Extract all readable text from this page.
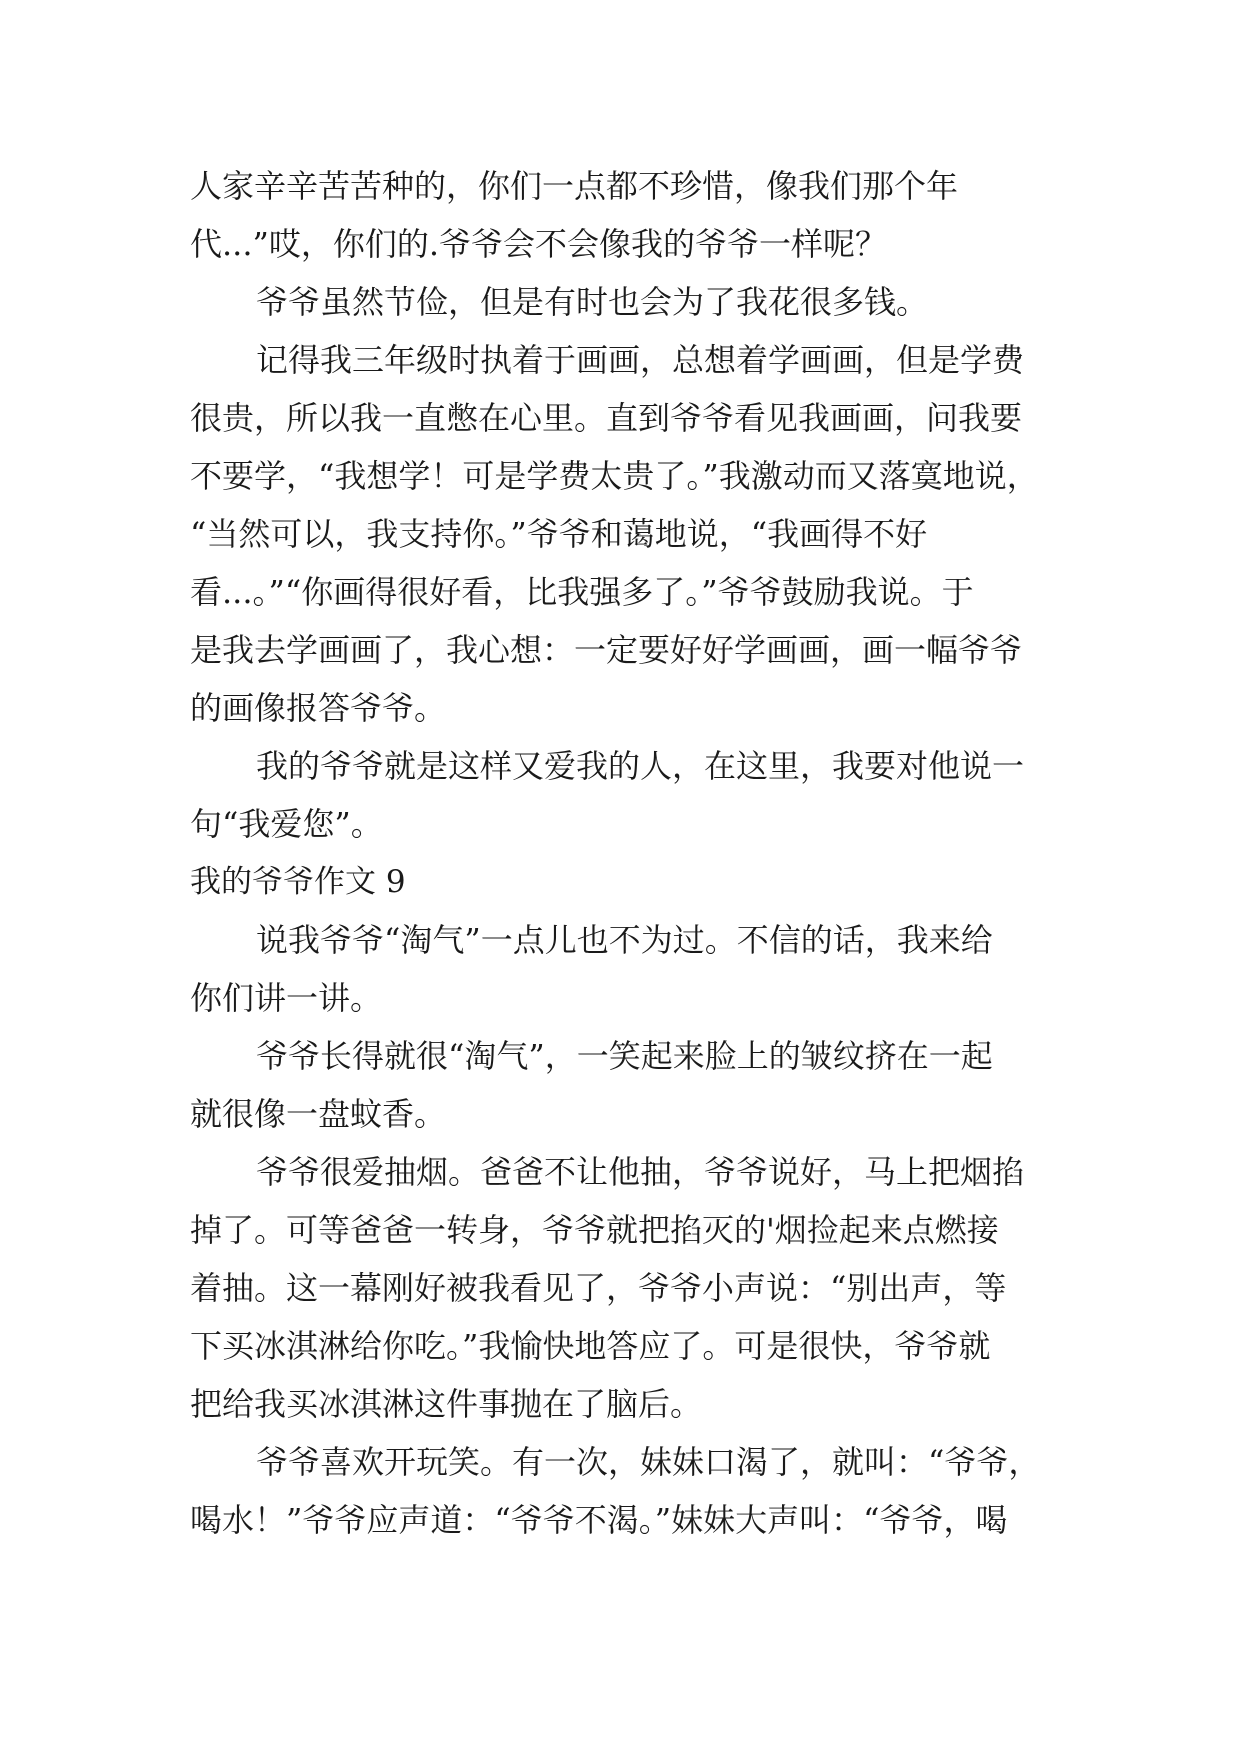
人家辛辛苦苦种的，你们一点都不珍惜，像我们那个年
代...”哎，你们的.爷爷会不会像我的爷爷一样呢？
爷爷虽然节俭，但是有时也会为了我花很多钱。
记得我三年级时执着于画画，总想着学画画，但是学费
很贵，所以我一直憋在心里。直到爷爷看见我画画，问我要
不要学，“我想学！可是学费太贵了。”我激动而又落寞地说，
“当然可以，我支持你。”爷爷和蔼地说，“我画得不好
看...。”“你画得很好看，比我强多了。”爷爷鼓励我说。于
是我去学画画了，我心想：一定要好好学画画，画一幅爷爷
的画像报答爷爷。
我的爷爷就是这样又爱我的人，在这里，我要对他说一
句“我爱您”。
我的爷爷作文 9
说我爷爷“淘气”一点儿也不为过。不信的话，我来给
你们讲一讲。
爷爷长得就很“淘气”，一笑起来脸上的皱纹挤在一起
就很像一盘蚊香。
爷爷很爱抽烟。爸爸不让他抽，爷爷说好，马上把烟掐
掉了。可等爸爸一转身，爷爷就把掐灭的'烟捡起来点燃接
着抽。这一幕刚好被我看见了，爷爷小声说：“别出声，等
下买冰淇淋给你吃。”我愉快地答应了。可是很快，爷爷就
把给我买冰淇淋这件事抛在了脑后。
爷爷喜欢开玩笑。有一次，妹妹口渴了，就叫：“爷爷，
喝水！”爷爷应声道：“爷爷不渴。”妹妹大声叫：“爷爷，喝
